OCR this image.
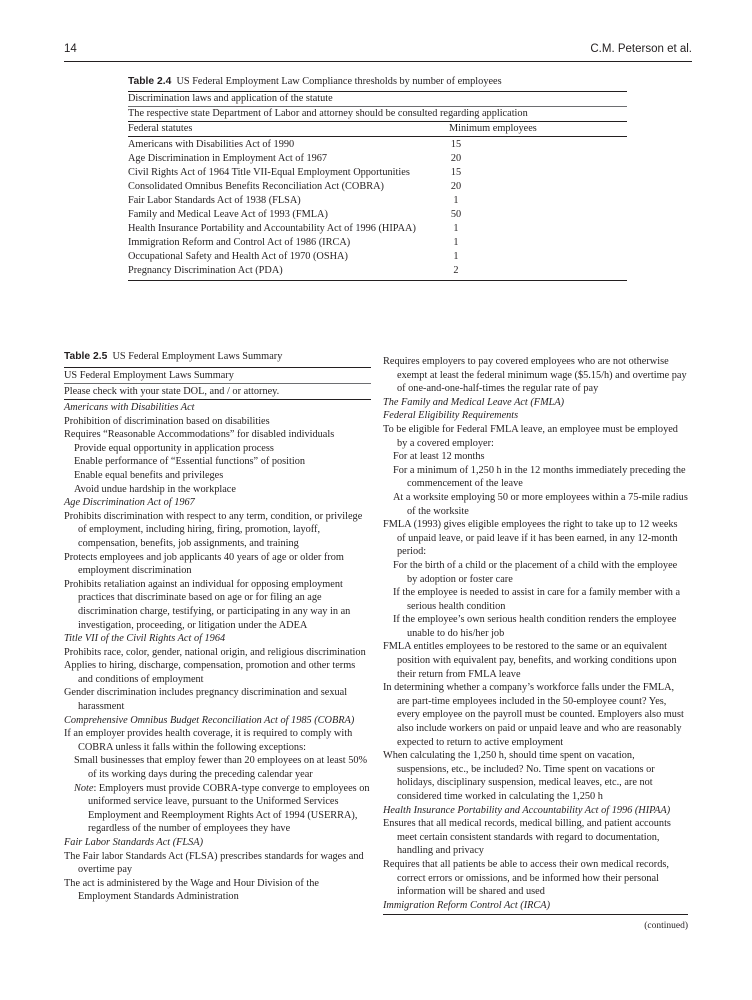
14	C.M. Peterson et al.
Table 2.4 US Federal Employment Law Compliance thresholds by number of employees
Discrimination laws and application of the statute
The respective state Department of Labor and attorney should be consulted regarding application
Federal statutes	Minimum employees
Americans with Disabilities Act of 1990	15
Age Discrimination in Employment Act of 1967	20
Civil Rights Act of 1964 Title VII-Equal Employment Opportunities	15
Consolidated Omnibus Benefits Reconciliation Act (COBRA)	20
Fair Labor Standards Act of 1938 (FLSA)	1
Family and Medical Leave Act of 1993 (FMLA)	50
Health Insurance Portability and Accountability Act of 1996 (HIPAA)	1
Immigration Reform and Control Act of 1986 (IRCA)	1
Occupational Safety and Health Act of 1970 (OSHA)	1
Pregnancy Discrimination Act (PDA)	2
Table 2.5 US Federal Employment Laws Summary
US Federal Employment Laws Summary
Please check with your state DOL, and / or attorney.
Americans with Disabilities Act
Prohibition of discrimination based on disabilities
Requires “Reasonable Accommodations” for disabled individuals
Provide equal opportunity in application process
Enable performance of “Essential functions” of position
Enable equal benefits and privileges
Avoid undue hardship in the workplace
Age Discrimination Act of 1967
Prohibits discrimination with respect to any term, condition, or privilege of employment, including hiring, firing, promotion, layoff, compensation, benefits, job assignments, and training
Protects employees and job applicants 40 years of age or older from employment discrimination
Prohibits retaliation against an individual for opposing employment practices that discriminate based on age or for filing an age discrimination charge, testifying, or participating in any way in an investigation, proceeding, or litigation under the ADEA
Title VII of the Civil Rights Act of 1964
Prohibits race, color, gender, national origin, and religious discrimination
Applies to hiring, discharge, compensation, promotion and other terms and conditions of employment
Gender discrimination includes pregnancy discrimination and sexual harassment
Comprehensive Omnibus Budget Reconciliation Act of 1985 (COBRA)
If an employer provides health coverage, it is required to comply with COBRA unless it falls within the following exceptions:
Small businesses that employ fewer than 20 employees on at least 50% of its working days during the preceding calendar year
Note: Employers must provide COBRA-type converge to employees on uniformed service leave, pursuant to the Uniformed Services Employment and Reemployment Rights Act of 1994 (USERRA), regardless of the number of employees they have
Fair Labor Standards Act (FLSA)
The Fair labor Standards Act (FLSA) prescribes standards for wages and overtime pay
The act is administered by the Wage and Hour Division of the Employment Standards Administration
Requires employers to pay covered employees who are not otherwise exempt at least the federal minimum wage ($5.15/h) and overtime pay of one-and-one-half-times the regular rate of pay
The Family and Medical Leave Act (FMLA)
Federal Eligibility Requirements
To be eligible for Federal FMLA leave, an employee must be employed by a covered employer:
For at least 12 months
For a minimum of 1,250 h in the 12 months immediately preceding the commencement of the leave
At a worksite employing 50 or more employees within a 75-mile radius of the worksite
FMLA (1993) gives eligible employees the right to take up to 12 weeks of unpaid leave, or paid leave if it has been earned, in any 12-month period:
For the birth of a child or the placement of a child with the employee by adoption or foster care
If the employee is needed to assist in care for a family member with a serious health condition
If the employee’s own serious health condition renders the employee unable to do his/her job
FMLA entitles employees to be restored to the same or an equivalent position with equivalent pay, benefits, and working conditions upon their return from FMLA leave
In determining whether a company’s workforce falls under the FMLA, are part-time employees included in the 50-employee count? Yes, every employee on the payroll must be counted. Employers also must also include workers on paid or unpaid leave and who are reasonably expected to return to active employment
When calculating the 1,250 h, should time spent on vacation, suspensions, etc., be included? No. Time spent on vacations or holidays, disciplinary suspension, medical leaves, etc., are not considered time worked in calculating the 1,250 h
Health Insurance Portability and Accountability Act of 1996 (HIPAA)
Ensures that all medical records, medical billing, and patient accounts meet certain consistent standards with regard to documentation, handling and privacy
Requires that all patients be able to access their own medical records, correct errors or omissions, and be informed how their personal information will be shared and used
Immigration Reform Control Act (IRCA)
(continued)
